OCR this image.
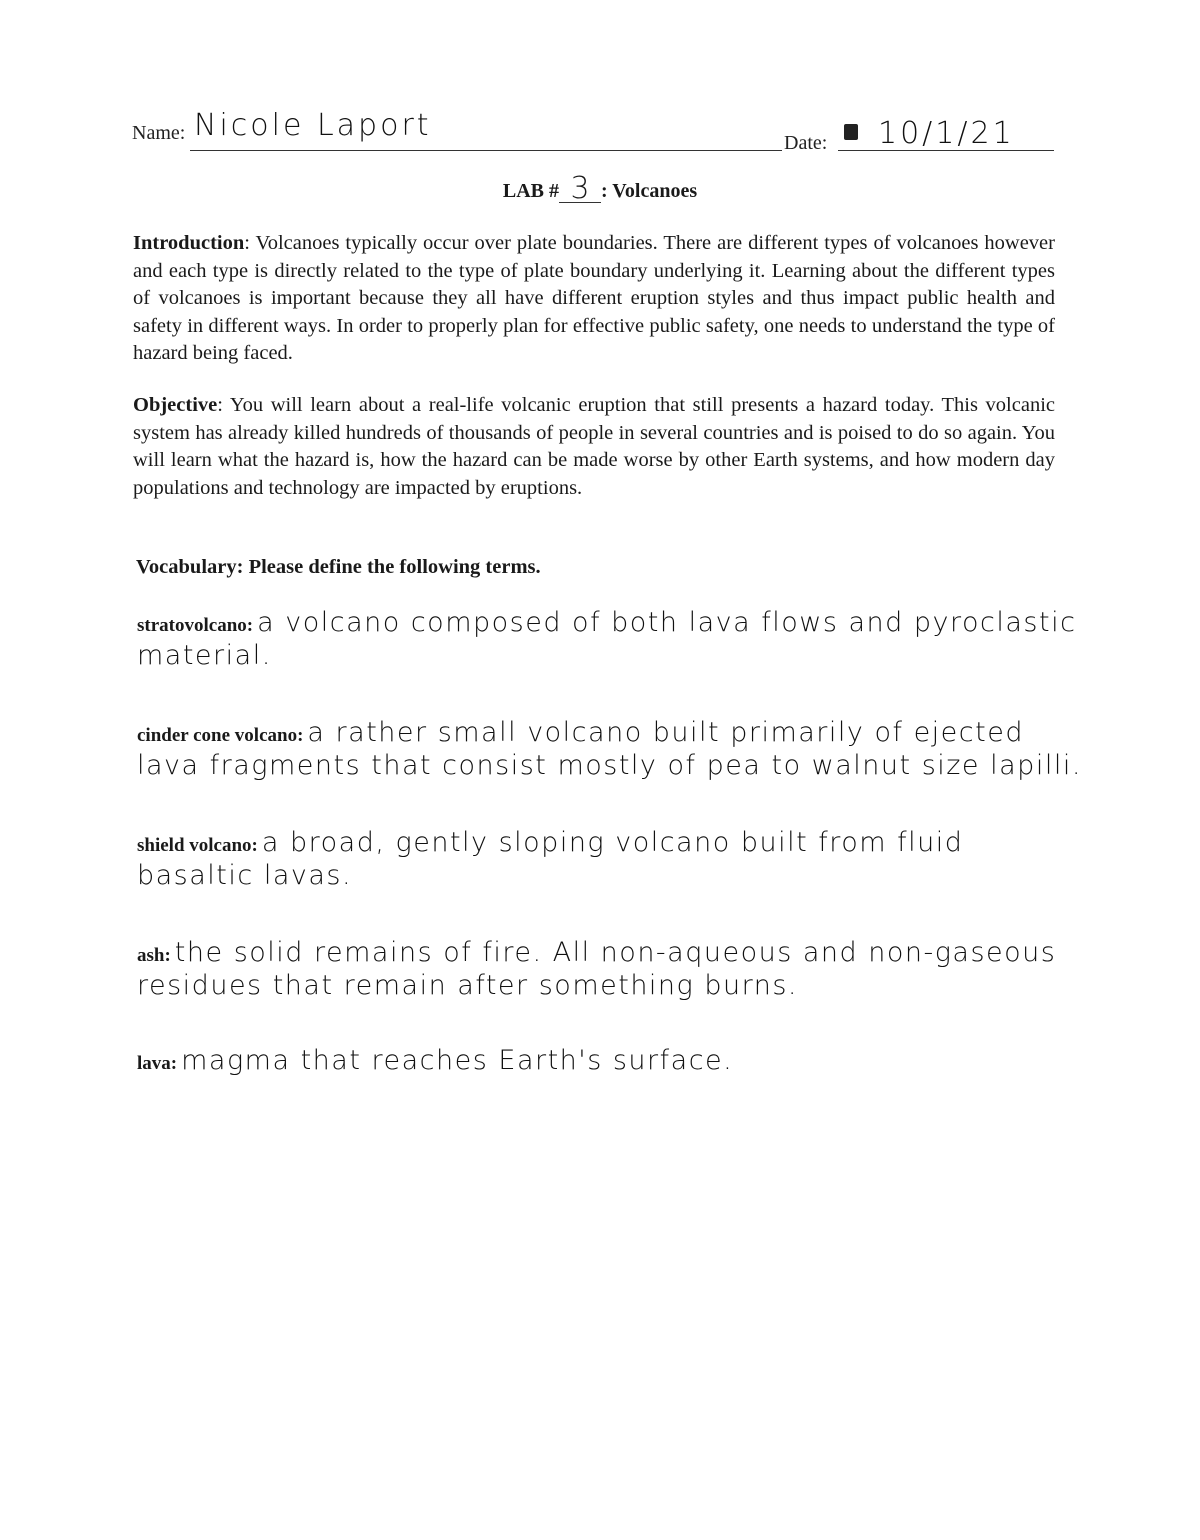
Name: Nicole Laport	Date: 10/1/21
LAB # 3 : Volcanoes
Introduction: Volcanoes typically occur over plate boundaries. There are different types of volcanoes however and each type is directly related to the type of plate boundary underlying it. Learning about the different types of volcanoes is important because they all have different eruption styles and thus impact public health and safety in different ways. In order to properly plan for effective public safety, one needs to understand the type of hazard being faced.
Objective: You will learn about a real-life volcanic eruption that still presents a hazard today. This volcanic system has already killed hundreds of thousands of people in several countries and is poised to do so again. You will learn what the hazard is, how the hazard can be made worse by other Earth systems, and how modern day populations and technology are impacted by eruptions.
Vocabulary: Please define the following terms.
stratovolcano: a volcano composed of both lava flows and pyroclastic material.
cinder cone volcano: a rather small volcano built primarily of ejected lava fragments that consist mostly of pea to walnut size lapilli.
shield volcano: a broad, gently sloping volcano built from fluid basaltic lavas.
ash: the solid remains of fire. All non-aqueous and non-gaseous residues that remain after something burns.
lava: magma that reaches Earth's surface.
